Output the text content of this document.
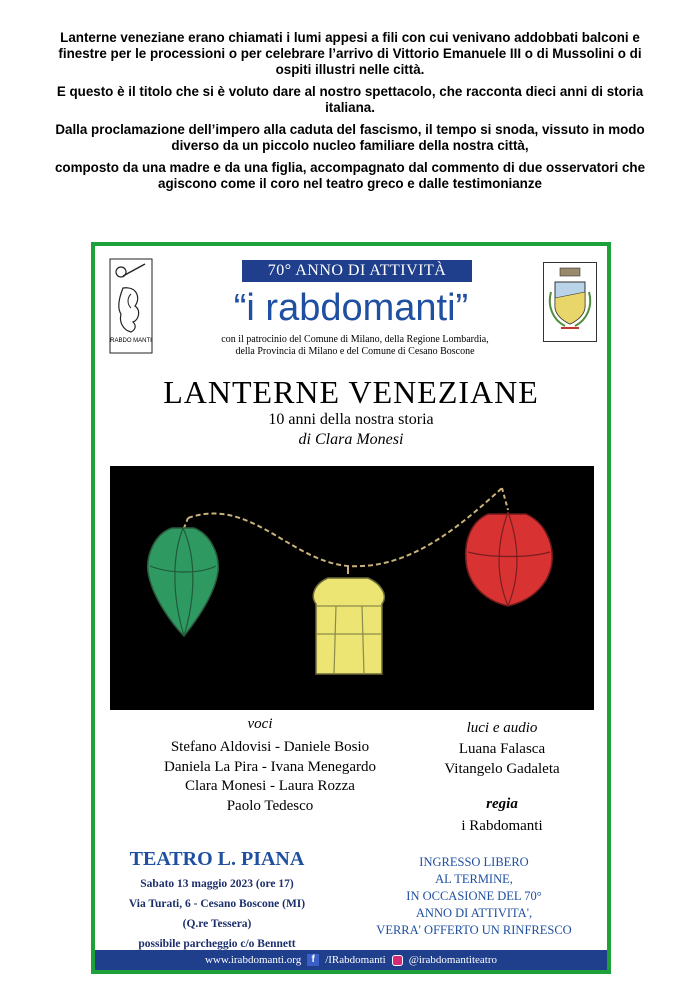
Lanterne veneziane erano chiamati i lumi appesi a fili con cui venivano addobbati balconi e finestre per le processioni o per celebrare l’arrivo di Vittorio Emanuele III o di Mussolini o di ospiti illustri nelle città.

E questo è il titolo che si è voluto dare al nostro spettacolo, che racconta dieci anni di storia italiana.

Dalla proclamazione dell’impero alla caduta del fascismo, il tempo si snoda, vissuto in modo diverso da un piccolo nucleo familiare della nostra città,

composto da una madre e da una figlia, accompagnato dal commento di due osservatori che agiscono come il coro nel teatro greco e dalle testimonianze

RABDO MANTI
70° ANNO DI ATTIVITÀ
“i rabdomanti”
con il patrocinio del Comune di Milano, della Regione Lombardia,
della Provincia di Milano e del Comune di Cesano Boscone
LANTERNE VENEZIANE
10 anni della nostra storia
di Clara Monesi
voci
Stefano Aldovisi - Daniele Bosio
Daniela La Pira - Ivana Menegardo
Clara Monesi - Laura Rozza
Paolo Tedesco
luci e audio
Luana Falasca
Vitangelo Gadaleta
regia
i Rabdomanti
TEATRO L. PIANA
Sabato 13 maggio 2023 (ore 17)
Via Turati, 6 - Cesano Boscone (MI)
(Q.re Tessera)
possibile parcheggio c/o Bennett
INGRESSO LIBERO
AL TERMINE,
IN OCCASIONE DEL 70°
ANNO DI ATTIVITA',
VERRA' OFFERTO UN RINFRESCO
www.irabdomanti.org	f /IRabdomanti @irabdomantiteatro
